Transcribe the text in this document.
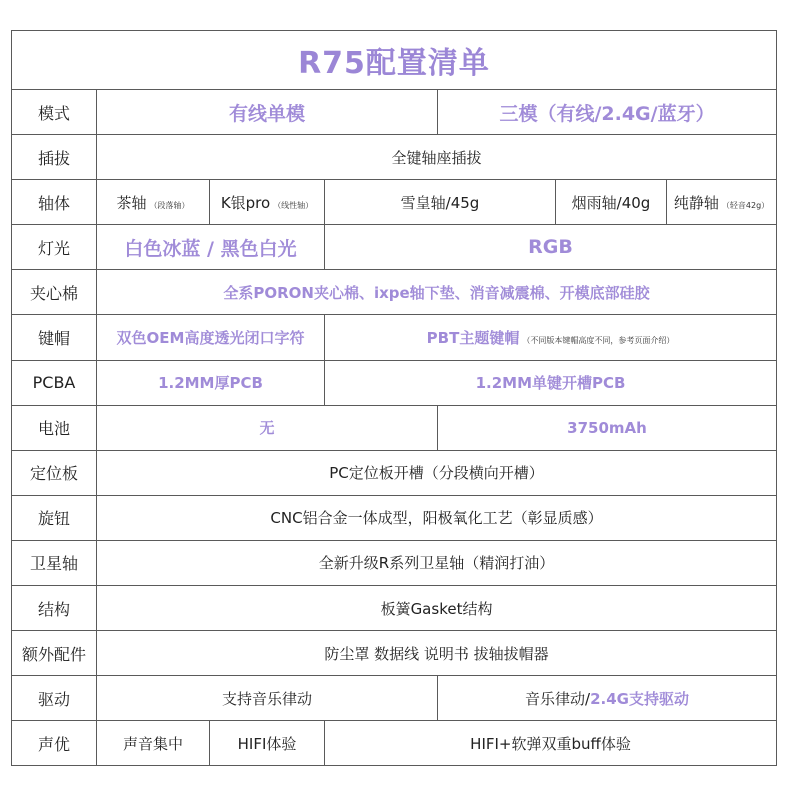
R75配置清单						
模式	有线单模			三模（有线/2.4G/蓝牙）		
插拔	全键轴座插拔					
轴体	茶轴 （段落轴）	K银pro （线性轴）	雪皇轴/45g		烟雨轴/40g	纯静轴 （轻音42g）
灯光	白色冰蓝 / 黑色白光		RGB			
夹心棉	全系PORON夹心棉、ixpe轴下垫、消音减震棉、开模底部硅胶					
键帽	双色OEM高度透光闭口字符		PBT主题键帽 （不同版本键帽高度不同，参考页面介绍）			
PCBA	1.2MM厚PCB		1.2MM单键开槽PCB			
电池	无			3750mAh		
定位板	PC定位板开槽（分段横向开槽）					
旋钮	CNC铝合金一体成型，阳极氧化工艺（彰显质感）					
卫星轴	全新升级R系列卫星轴（精润打油）					
结构	板簧Gasket结构					
额外配件	防尘罩 数据线 说明书 拔轴拔帽器					
驱动	支持音乐律动			音乐律动/2.4G支持驱动		
声优	声音集中	HIFI体验	HIFI+软弹双重buff体验			
